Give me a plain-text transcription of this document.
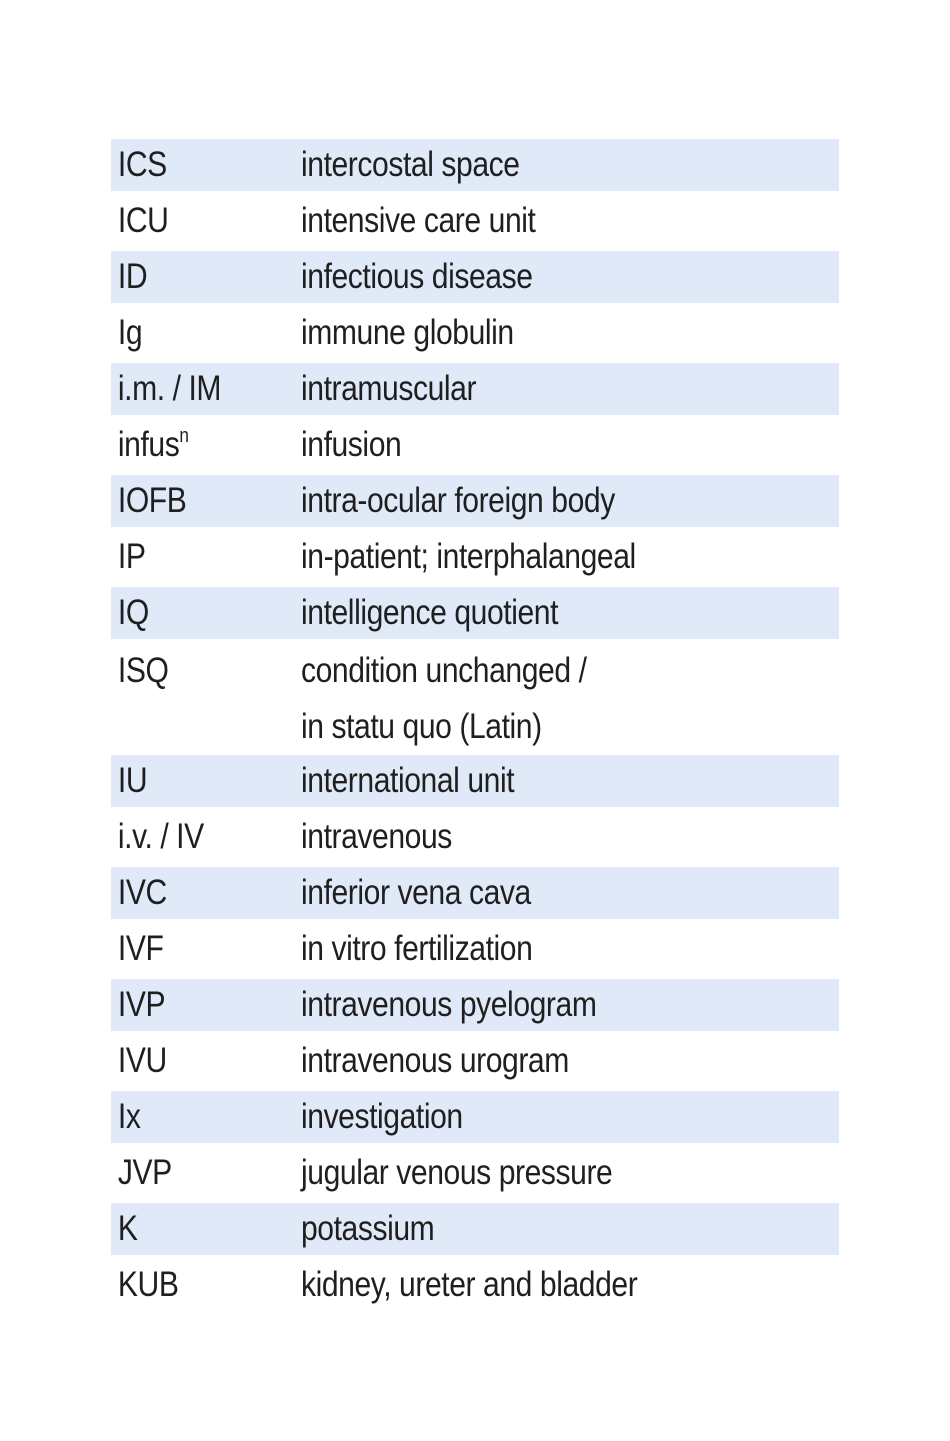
ICS	intercostal space
ICU	intensive care unit
ID	infectious disease
Ig	immune globulin
i.m. / IM	intramuscular
infus$^n$	infusion
IOFB	intra-ocular foreign body
IP	in-patient; interphalangeal
IQ	intelligence quotient
ISQ	condition unchanged /
in statu quo (Latin)
IU	international unit
i.v. / IV	intravenous
IVC	inferior vena cava
IVF	in vitro fertilization
IVP	intravenous pyelogram
IVU	intravenous urogram
Ix	investigation
JVP	jugular venous pressure
K	potassium
KUB	kidney, ureter and bladder
